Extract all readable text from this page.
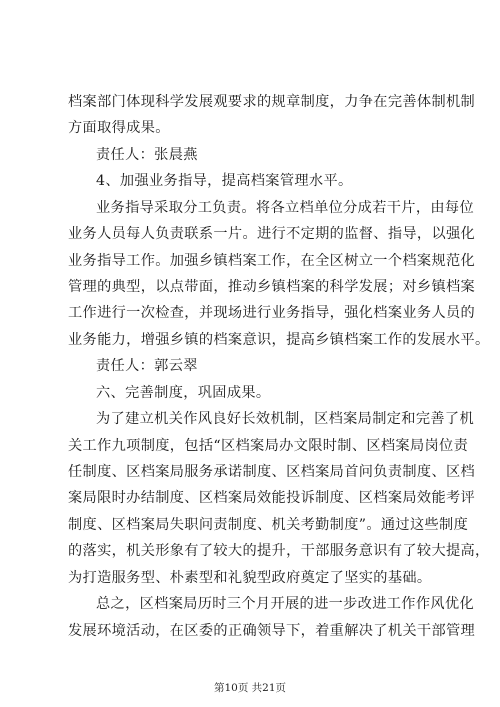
档案部门体现科学发展观要求的规章制度，力争在完善体制机制
方面取得成果。
责任人：张晨燕
4、加强业务指导，提高档案管理水平。
业务指导采取分工负责。将各立档单位分成若干片，由每位
业务人员每人负责联系一片。进行不定期的监督、指导，以强化
业务指导工作。加强乡镇档案工作，在全区树立一个档案规范化
管理的典型，以点带面，推动乡镇档案的科学发展；对乡镇档案
工作进行一次检查，并现场进行业务指导，强化档案业务人员的
业务能力，增强乡镇的档案意识，提高乡镇档案工作的发展水平。
责任人：郭云翠
六、完善制度，巩固成果。
为了建立机关作风良好长效机制，区档案局制定和完善了机
关工作九项制度，包括“区档案局办文限时制、区档案局岗位责
任制度、区档案局服务承诺制度、区档案局首问负责制度、区档
案局限时办结制度、区档案局效能投诉制度、区档案局效能考评
制度、区档案局失职问责制度、机关考勤制度”。通过这些制度
的落实，机关形象有了较大的提升，干部服务意识有了较大提高，
为打造服务型、朴素型和礼貌型政府奠定了坚实的基础。
总之，区档案局历时三个月开展的进一步改进工作作风优化
发展环境活动，在区委的正确领导下，着重解决了机关干部管理
第10页 共21页
